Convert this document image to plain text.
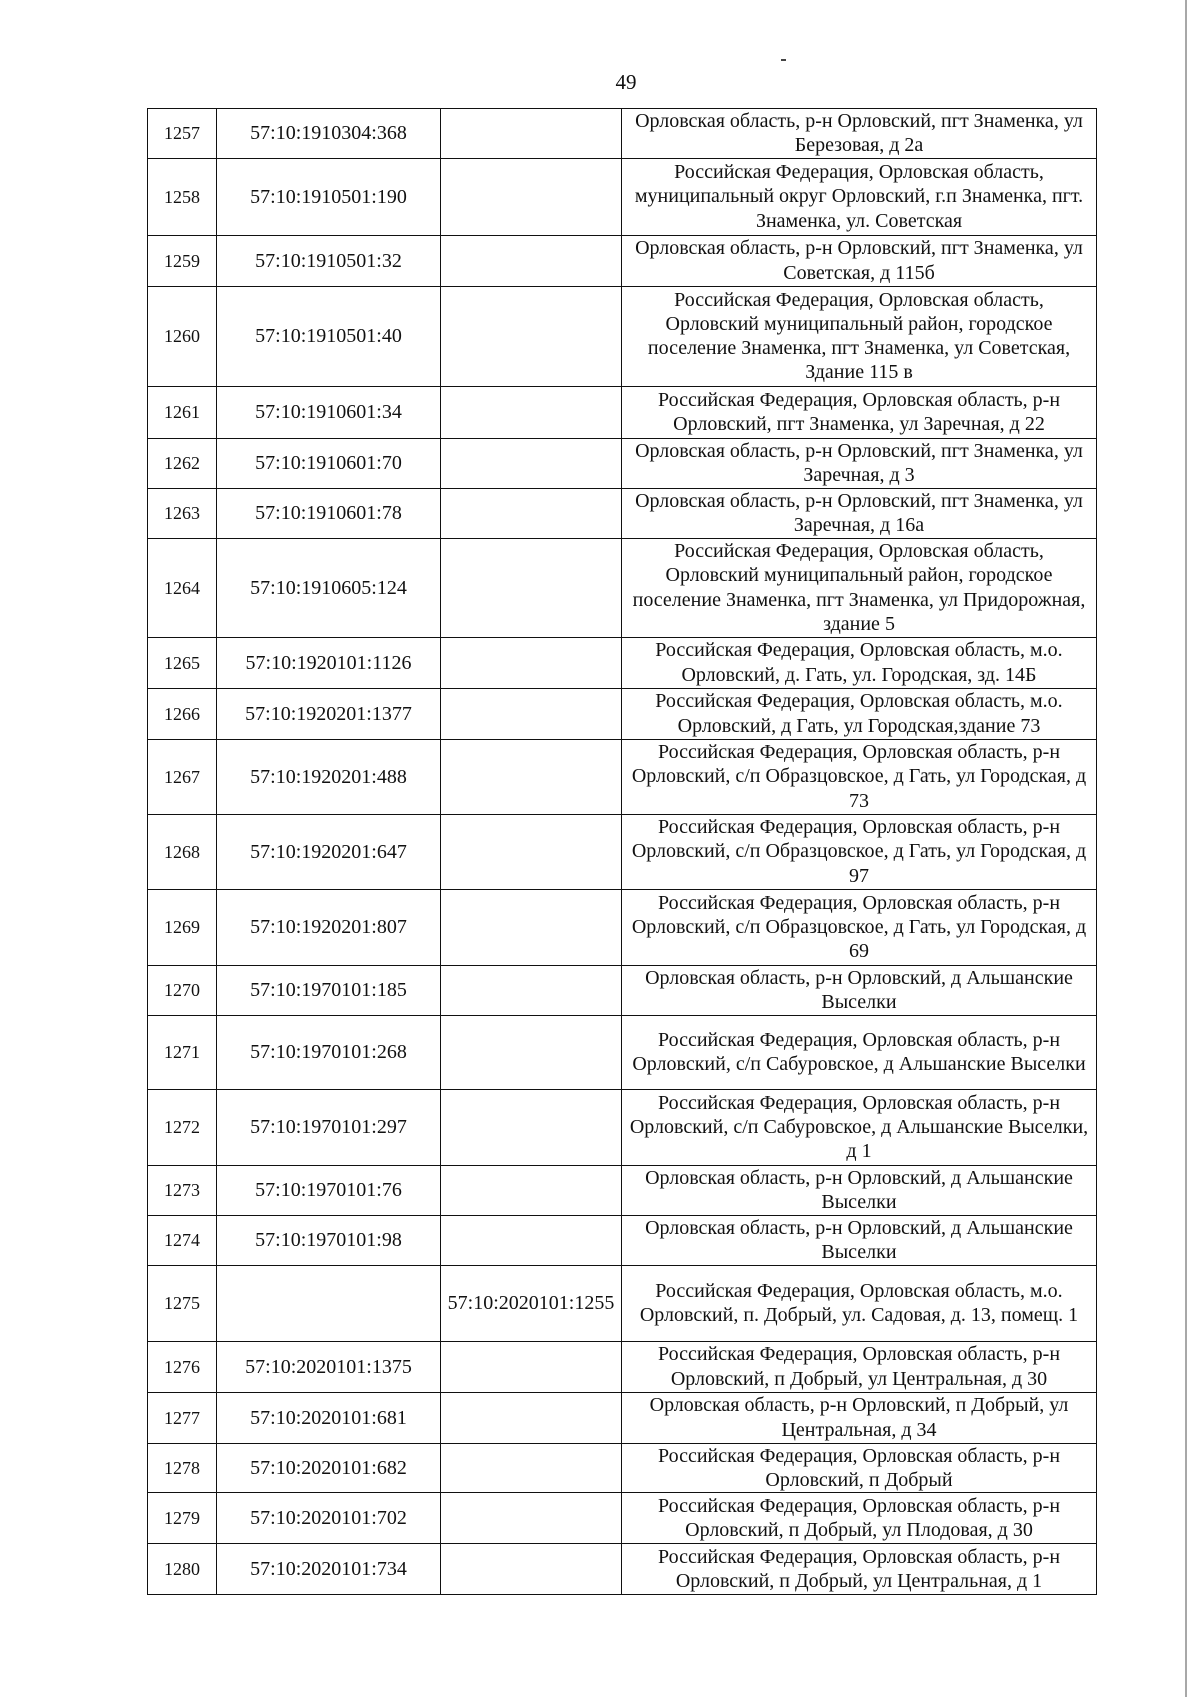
49
1257	57:10:1910304:368		Орловская область, р-н Орловский, пгт Знаменка, ул
Березовая, д 2а
1258	57:10:1910501:190		Российская Федерация, Орловская область,
муниципальный округ Орловский, г.п Знаменка, пгт.
Знаменка, ул. Советская
1259	57:10:1910501:32		Орловская область, р-н Орловский, пгт Знаменка, ул
Советская, д 115б
1260	57:10:1910501:40		Российская Федерация, Орловская область,
Орловский муниципальный район, городское
поселение Знаменка, пгт Знаменка, ул Советская,
Здание 115 в
1261	57:10:1910601:34		Российская Федерация, Орловская область, р-н
Орловский, пгт Знаменка, ул Заречная, д 22
1262	57:10:1910601:70		Орловская область, р-н Орловский, пгт Знаменка, ул
Заречная, д 3
1263	57:10:1910601:78		Орловская область, р-н Орловский, пгт Знаменка, ул
Заречная, д 16а
1264	57:10:1910605:124		Российская Федерация, Орловская область,
Орловский муниципальный район, городское
поселение Знаменка, пгт Знаменка, ул Придорожная,
здание 5
1265	57:10:1920101:1126		Российская Федерация, Орловская область, м.о.
Орловский, д. Гать, ул. Городская, зд. 14Б
1266	57:10:1920201:1377		Российская Федерация, Орловская область, м.о.
Орловский, д Гать, ул Городская,здание 73
1267	57:10:1920201:488		Российская Федерация, Орловская область, р-н
Орловский, с/п Образцовское, д Гать, ул Городская, д
73
1268	57:10:1920201:647		Российская Федерация, Орловская область, р-н
Орловский, с/п Образцовское, д Гать, ул Городская, д
97
1269	57:10:1920201:807		Российская Федерация, Орловская область, р-н
Орловский, с/п Образцовское, д Гать, ул Городская, д
69
1270	57:10:1970101:185		Орловская область, р-н Орловский, д Альшанские
Выселки
1271	57:10:1970101:268		Российская Федерация, Орловская область, р-н
Орловский, с/п Сабуровское, д Альшанские Выселки
1272	57:10:1970101:297		Российская Федерация, Орловская область, р-н
Орловский, с/п Сабуровское, д Альшанские Выселки,
д 1
1273	57:10:1970101:76		Орловская область, р-н Орловский, д Альшанские
Выселки
1274	57:10:1970101:98		Орловская область, р-н Орловский, д Альшанские
Выселки
1275		57:10:2020101:1255	Российская Федерация, Орловская область, м.о.
Орловский, п. Добрый, ул. Садовая, д. 13, помещ. 1
1276	57:10:2020101:1375		Российская Федерация, Орловская область, р-н
Орловский, п Добрый, ул Центральная, д 30
1277	57:10:2020101:681		Орловская область, р-н Орловский, п Добрый, ул
Центральная, д 34
1278	57:10:2020101:682		Российская Федерация, Орловская область, р-н
Орловский, п Добрый
1279	57:10:2020101:702		Российская Федерация, Орловская область, р-н
Орловский, п Добрый, ул Плодовая, д 30
1280	57:10:2020101:734		Российская Федерация, Орловская область, р-н
Орловский, п Добрый, ул Центральная, д 1
